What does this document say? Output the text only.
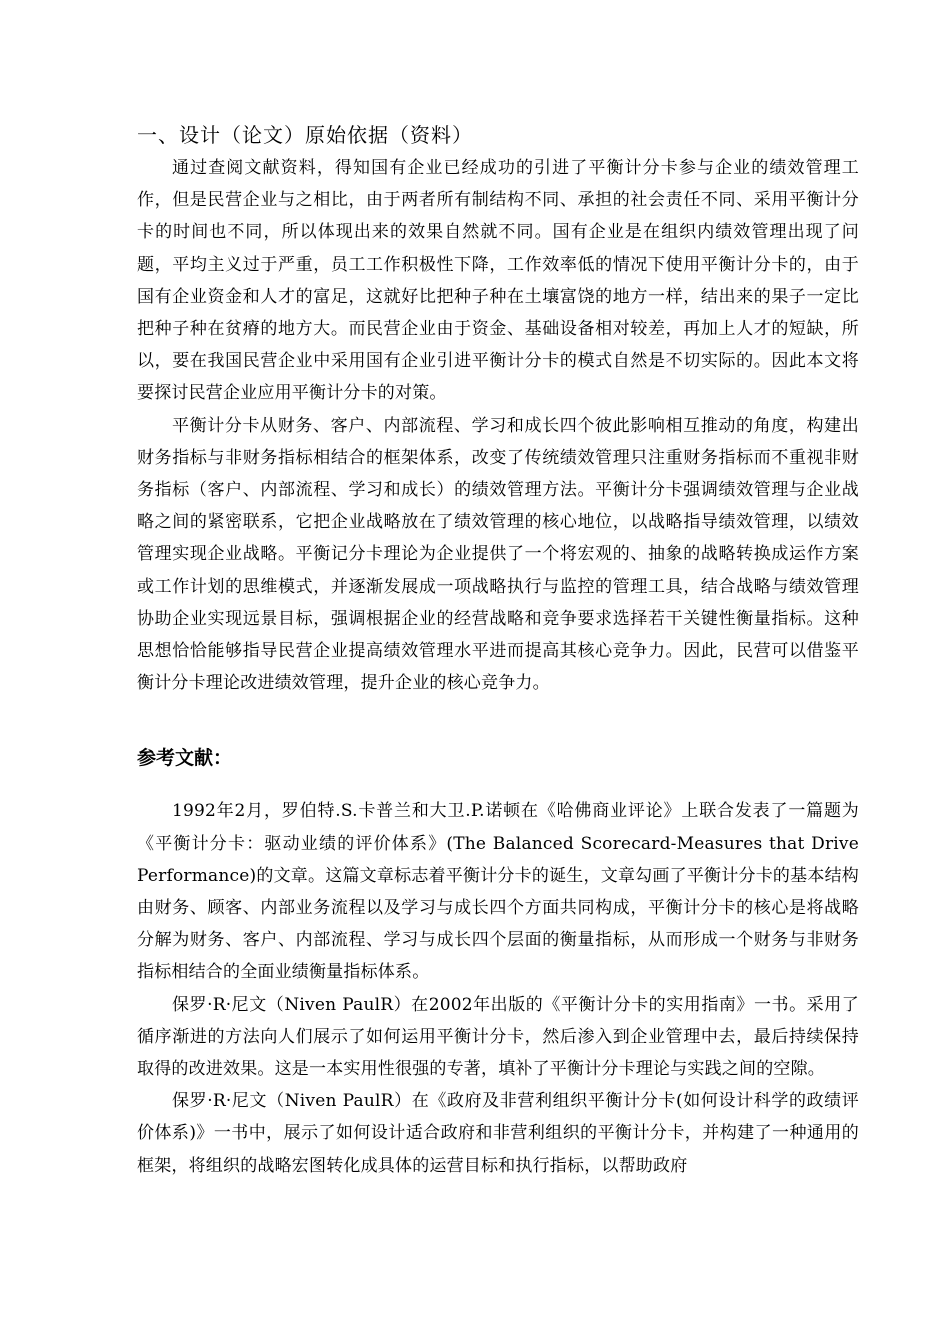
一、设计（论文）原始依据（资料）

通过查阅文献资料，得知国有企业已经成功的引进了平衡计分卡参与企业的绩效管理工作，但是民营企业与之相比，由于两者所有制结构不同、承担的社会责任不同、采用平衡计分卡的时间也不同，所以体现出来的效果自然就不同。国有企业是在组织内绩效管理出现了问题，平均主义过于严重，员工工作积极性下降，工作效率低的情况下使用平衡计分卡的，由于国有企业资金和人才的富足，这就好比把种子种在土壤富饶的地方一样，结出来的果子一定比把种子种在贫瘠的地方大。而民营企业由于资金、基础设备相对较差，再加上人才的短缺，所以，要在我国民营企业中采用国有企业引进平衡计分卡的模式自然是不切实际的。因此本文将要探讨民营企业应用平衡计分卡的对策。

平衡计分卡从财务、客户、内部流程、学习和成长四个彼此影响相互推动的角度，构建出财务指标与非财务指标相结合的框架体系，改变了传统绩效管理只注重财务指标而不重视非财务指标（客户、内部流程、学习和成长）的绩效管理方法。平衡计分卡强调绩效管理与企业战略之间的紧密联系，它把企业战略放在了绩效管理的核心地位，以战略指导绩效管理，以绩效管理实现企业战略。平衡记分卡理论为企业提供了一个将宏观的、抽象的战略转换成运作方案或工作计划的思维模式，并逐渐发展成一项战略执行与监控的管理工具，结合战略与绩效管理协助企业实现远景目标，强调根据企业的经营战略和竞争要求选择若干关键性衡量指标。这种思想恰恰能够指导民营企业提高绩效管理水平进而提高其核心竞争力。因此，民营可以借鉴平衡计分卡理论改进绩效管理，提升企业的核心竞争力。

参考文献：

1992年2月，罗伯特.S.卡普兰和大卫.P.诺顿在《哈佛商业评论》上联合发表了一篇题为《平衡计分卡：驱动业绩的评价体系》(The Balanced Scorecard-Measures that Drive Performance)的文章。这篇文章标志着平衡计分卡的诞生，文章勾画了平衡计分卡的基本结构由财务、顾客、内部业务流程以及学习与成长四个方面共同构成，平衡计分卡的核心是将战略分解为财务、客户、内部流程、学习与成长四个层面的衡量指标，从而形成一个财务与非财务指标相结合的全面业绩衡量指标体系。

保罗·R·尼文（Niven PaulR）在2002年出版的《平衡计分卡的实用指南》一书。采用了循序渐进的方法向人们展示了如何运用平衡计分卡，然后渗入到企业管理中去，最后持续保持取得的改进效果。这是一本实用性很强的专著，填补了平衡计分卡理论与实践之间的空隙。

保罗·R·尼文（Niven PaulR）在《政府及非营利组织平衡计分卡(如何设计科学的政绩评价体系)》一书中，展示了如何设计适合政府和非营利组织的平衡计分卡，并构建了一种通用的框架，将组织的战略宏图转化成具体的运营目标和执行指标，以帮助政府
